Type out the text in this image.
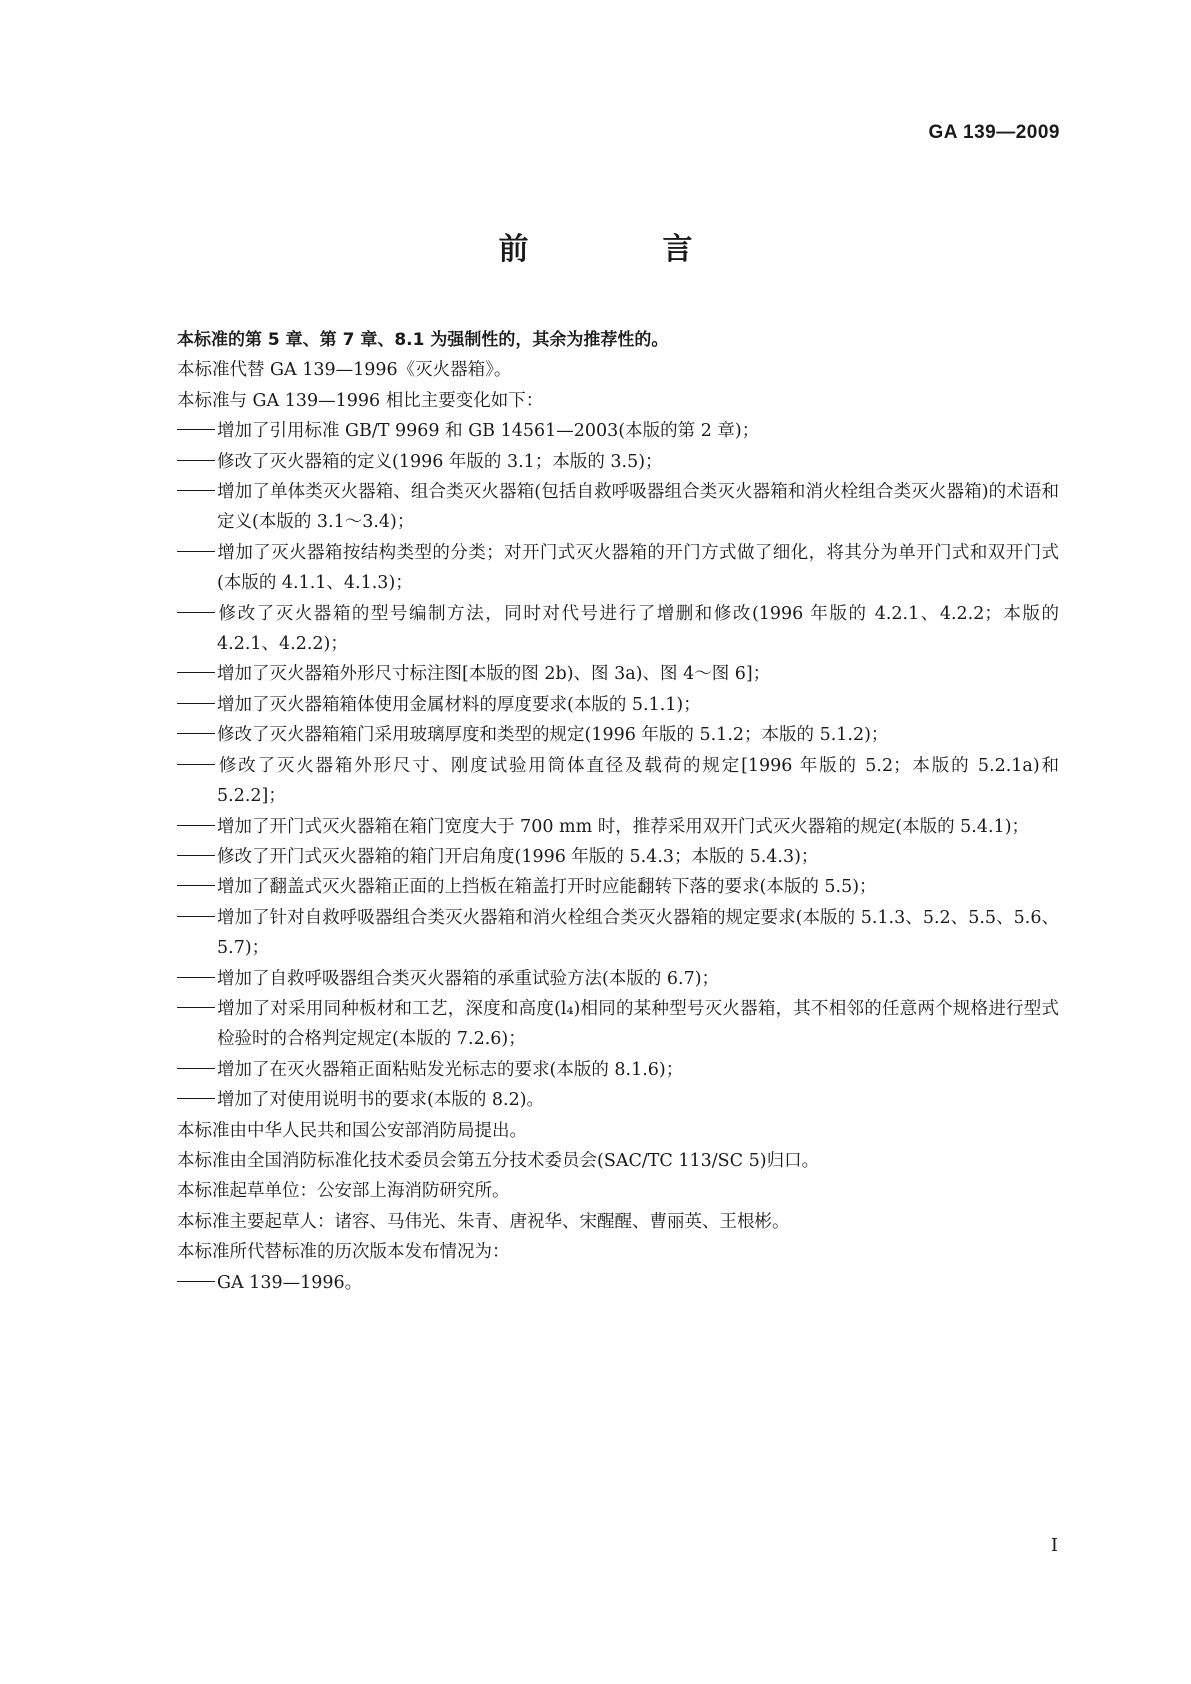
GA 139—2009
前　言
本标准的第 5 章、第 7 章、8.1 为强制性的，其余为推荐性的。
本标准代替 GA 139—1996《灭火器箱》。
本标准与 GA 139—1996 相比主要变化如下：
增加了引用标准 GB/T 9969 和 GB 14561—2003(本版的第 2 章)；
修改了灭火器箱的定义(1996 年版的 3.1；本版的 3.5)；
增加了单体类灭火器箱、组合类灭火器箱(包括自救呼吸器组合类灭火器箱和消火栓组合类灭火器箱)的术语和定义(本版的 3.1～3.4)；
增加了灭火器箱按结构类型的分类；对开门式灭火器箱的开门方式做了细化，将其分为单开门式和双开门式(本版的 4.1.1、4.1.3)；
修改了灭火器箱的型号编制方法，同时对代号进行了增删和修改(1996 年版的 4.2.1、4.2.2；本版的 4.2.1、4.2.2)；
增加了灭火器箱外形尺寸标注图[本版的图 2b)、图 3a)、图 4～图 6]；
增加了灭火器箱箱体使用金属材料的厚度要求(本版的 5.1.1)；
修改了灭火器箱箱门采用玻璃厚度和类型的规定(1996 年版的 5.1.2；本版的 5.1.2)；
修改了灭火器箱外形尺寸、刚度试验用筒体直径及载荷的规定[1996 年版的 5.2；本版的 5.2.1a)和 5.2.2]；
增加了开门式灭火器箱在箱门宽度大于 700 mm 时，推荐采用双开门式灭火器箱的规定(本版的 5.4.1)；
修改了开门式灭火器箱的箱门开启角度(1996 年版的 5.4.3；本版的 5.4.3)；
增加了翻盖式灭火器箱正面的上挡板在箱盖打开时应能翻转下落的要求(本版的 5.5)；
增加了针对自救呼吸器组合类灭火器箱和消火栓组合类灭火器箱的规定要求(本版的 5.1.3、5.2、5.5、5.6、5.7)；
增加了自救呼吸器组合类灭火器箱的承重试验方法(本版的 6.7)；
增加了对采用同种板材和工艺，深度和高度(l₄)相同的某种型号灭火器箱，其不相邻的任意两个规格进行型式检验时的合格判定规定(本版的 7.2.6)；
增加了在灭火器箱正面粘贴发光标志的要求(本版的 8.1.6)；
增加了对使用说明书的要求(本版的 8.2)。
本标准由中华人民共和国公安部消防局提出。
本标准由全国消防标准化技术委员会第五分技术委员会(SAC/TC 113/SC 5)归口。
本标准起草单位：公安部上海消防研究所。
本标准主要起草人：诸容、马伟光、朱青、唐祝华、宋醒醒、曹丽英、王根彬。
本标准所代替标准的历次版本发布情况为：
GA 139—1996。
I
